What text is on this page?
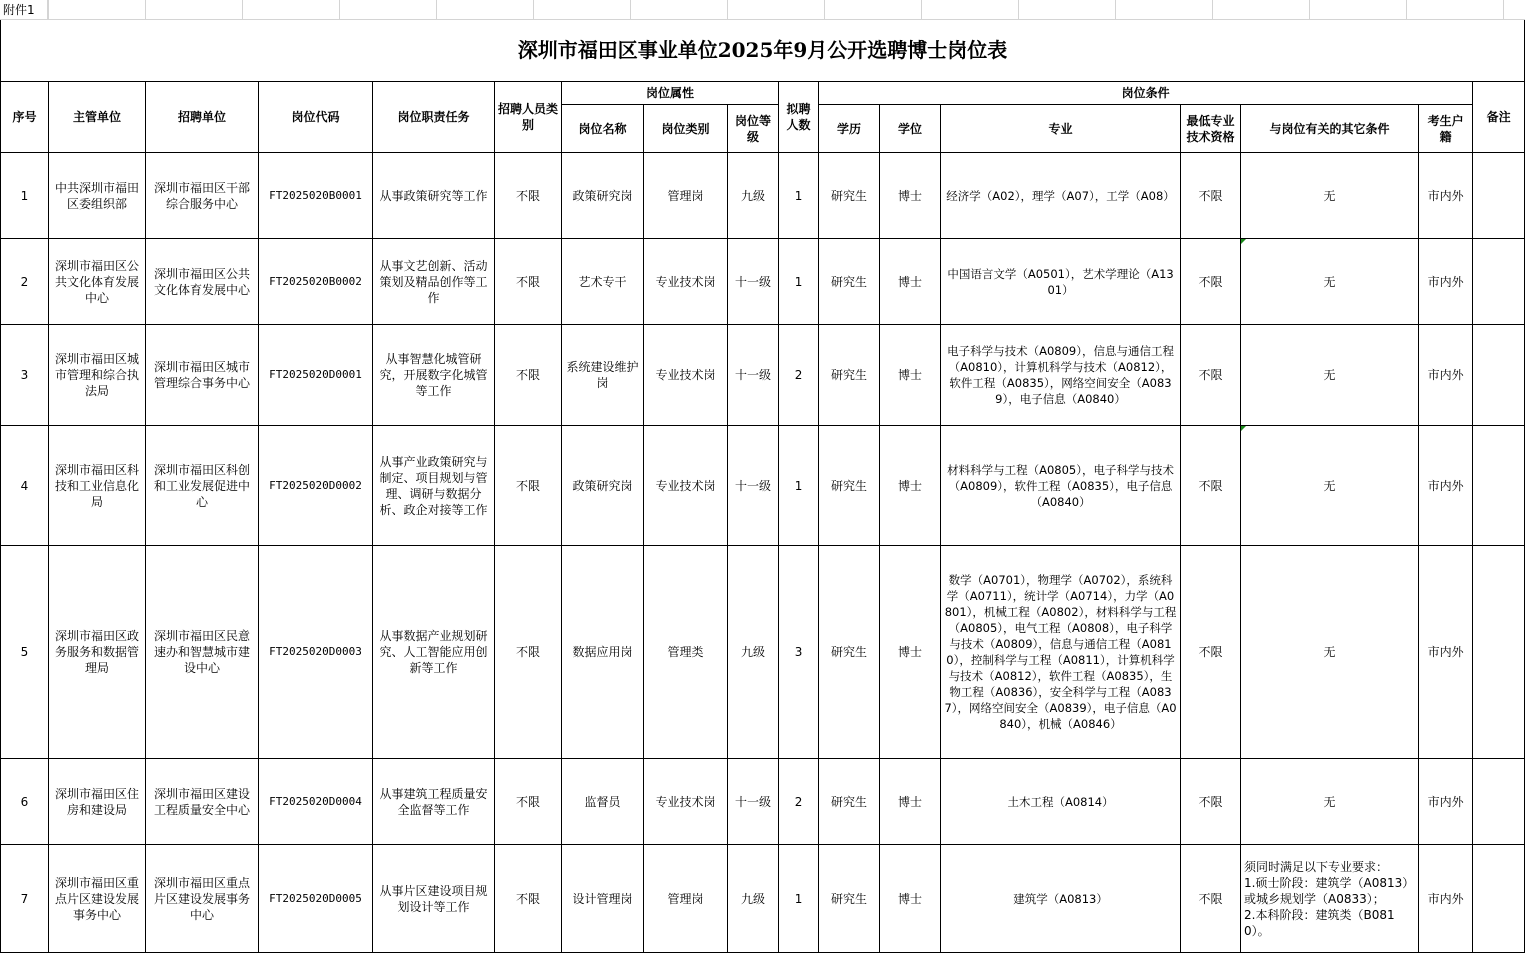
附件1
深圳市福田区事业单位2025年9月公开选聘博士岗位表
序号	主管单位	招聘单位	岗位代码	岗位职责任务	招聘人员类别	岗位属性			拟聘人数	岗位条件						备注
						岗位名称	岗位类别	岗位等级		学历	学位	专业	最低专业技术资格	与岗位有关的其它条件	考生户籍	
1	中共深圳市福田区委组织部	深圳市福田区干部综合服务中心	FT2025020B0001	从事政策研究等工作	不限	政策研究岗	管理岗	九级	1	研究生	博士	经济学（A02），理学（A07），工学（A08）	不限	无	市内外	
2	深圳市福田区公共文化体育发展中心	深圳市福田区公共文化体育发展中心	FT2025020B0002	从事文艺创新、活动策划及精品创作等工作	不限	艺术专干	专业技术岗	十一级	1	研究生	博士	中国语言文学（A0501），艺术学理论（A1301）	不限	无	市内外	
3	深圳市福田区城市管理和综合执法局	深圳市福田区城市管理综合事务中心	FT2025020D0001	从事智慧化城管研究，开展数字化城管等工作	不限	系统建设维护岗	专业技术岗	十一级	2	研究生	博士	电子科学与技术（A0809），信息与通信工程（A0810），计算机科学与技术（A0812），软件工程（A0835），网络空间安全（A0839），电子信息（A0840）	不限	无	市内外	
4	深圳市福田区科技和工业信息化局	深圳市福田区科创和工业发展促进中心	FT2025020D0002	从事产业政策研究与制定、项目规划与管理、调研与数据分析、政企对接等工作	不限	政策研究岗	专业技术岗	十一级	1	研究生	博士	材料科学与工程（A0805），电子科学与技术（A0809），软件工程（A0835），电子信息（A0840）	不限	无	市内外	
5	深圳市福田区政务服务和数据管理局	深圳市福田区民意速办和智慧城市建设中心	FT2025020D0003	从事数据产业规划研究、人工智能应用创新等工作	不限	数据应用岗	管理类	九级	3	研究生	博士	数学（A0701），物理学（A0702），系统科学（A0711），统计学（A0714），力学（A0801），机械工程（A0802），材料科学与工程（A0805），电气工程（A0808），电子科学与技术（A0809），信息与通信工程（A0810），控制科学与工程（A0811），计算机科学与技术（A0812），软件工程（A0835），生物工程（A0836），安全科学与工程（A0837），网络空间安全（A0839），电子信息（A0840），机械（A0846）	不限	无	市内外	
6	深圳市福田区住房和建设局	深圳市福田区建设工程质量安全中心	FT2025020D0004	从事建筑工程质量安全监督等工作	不限	监督员	专业技术岗	十一级	2	研究生	博士	土木工程（A0814）	不限	无	市内外	
7	深圳市福田区重点片区建设发展事务中心	深圳市福田区重点片区建设发展事务中心	FT2025020D0005	从事片区建设项目规划设计等工作	不限	设计管理岗	管理岗	九级	1	研究生	博士	建筑学（A0813）	不限	须同时满足以下专业要求：
1.硕士阶段：建筑学（A0813）或城乡规划学（A0833）；
2.本科阶段：建筑类（B0810）。	市内外	
